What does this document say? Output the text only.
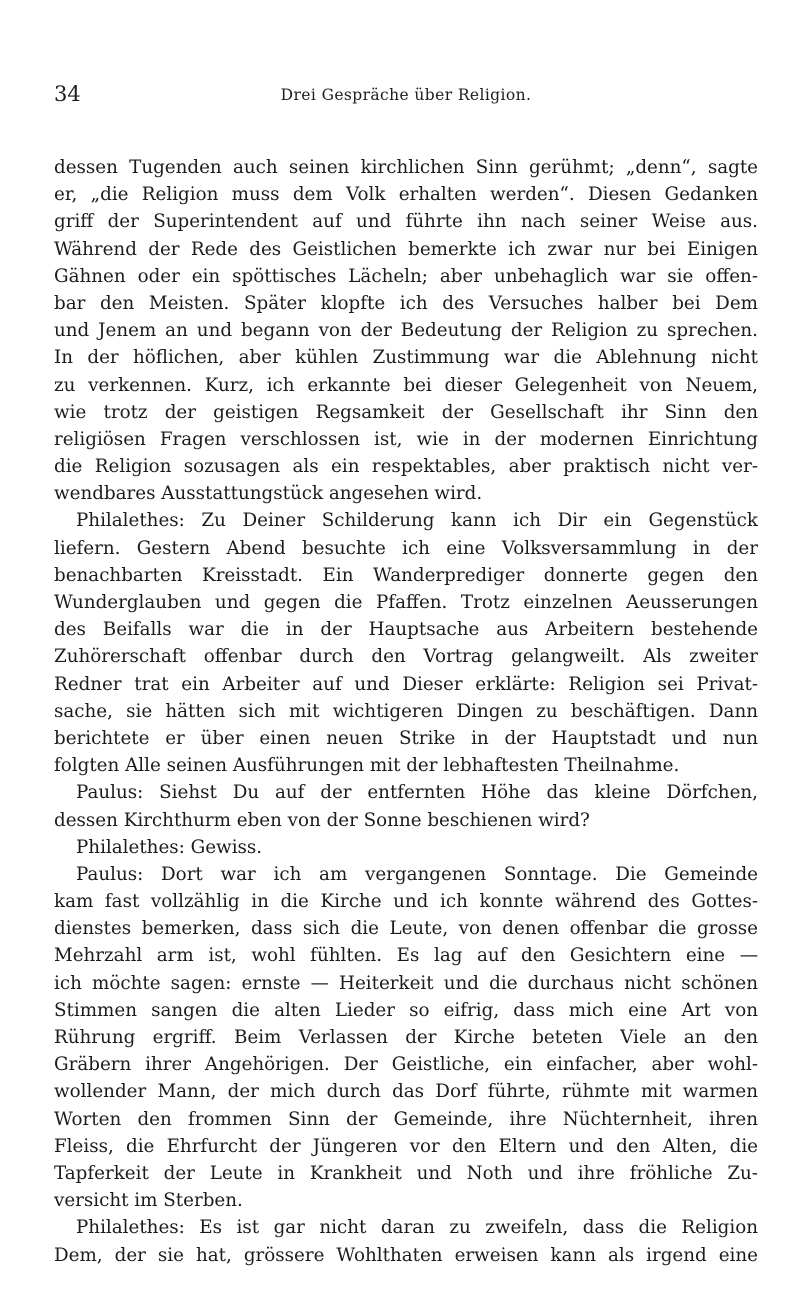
34	Drei Gespräche über Religion.
dessen Tugenden auch seinen kirchlichen Sinn gerühmt; „denn“, sagte
er, „die Religion muss dem Volk erhalten werden“. Diesen Gedanken
griff der Superintendent auf und führte ihn nach seiner Weise aus.
Während der Rede des Geistlichen bemerkte ich zwar nur bei Einigen
Gähnen oder ein spöttisches Lächeln; aber unbehaglich war sie offen-
bar den Meisten. Später klopfte ich des Versuches halber bei Dem
und Jenem an und begann von der Bedeutung der Religion zu sprechen.
In der höflichen, aber kühlen Zustimmung war die Ablehnung nicht
zu verkennen. Kurz, ich erkannte bei dieser Gelegenheit von Neuem,
wie trotz der geistigen Regsamkeit der Gesellschaft ihr Sinn den
religiösen Fragen verschlossen ist, wie in der modernen Einrichtung
die Religion sozusagen als ein respektables, aber praktisch nicht ver-
wendbares Ausstattungstück angesehen wird.
Philalethes: Zu Deiner Schilderung kann ich Dir ein Gegenstück
liefern. Gestern Abend besuchte ich eine Volksversammlung in der
benachbarten Kreisstadt. Ein Wanderprediger donnerte gegen den
Wunderglauben und gegen die Pfaffen. Trotz einzelnen Aeusserungen
des Beifalls war die in der Hauptsache aus Arbeitern bestehende
Zuhörerschaft offenbar durch den Vortrag gelangweilt. Als zweiter
Redner trat ein Arbeiter auf und Dieser erklärte: Religion sei Privat-
sache, sie hätten sich mit wichtigeren Dingen zu beschäftigen. Dann
berichtete er über einen neuen Strike in der Hauptstadt und nun
folgten Alle seinen Ausführungen mit der lebhaftesten Theilnahme.
Paulus: Siehst Du auf der entfernten Höhe das kleine Dörfchen,
dessen Kirchthurm eben von der Sonne beschienen wird?
Philalethes: Gewiss.
Paulus: Dort war ich am vergangenen Sonntage. Die Gemeinde
kam fast vollzählig in die Kirche und ich konnte während des Gottes-
dienstes bemerken, dass sich die Leute, von denen offenbar die grosse
Mehrzahl arm ist, wohl fühlten. Es lag auf den Gesichtern eine —
ich möchte sagen: ernste — Heiterkeit und die durchaus nicht schönen
Stimmen sangen die alten Lieder so eifrig, dass mich eine Art von
Rührung ergriff. Beim Verlassen der Kirche beteten Viele an den
Gräbern ihrer Angehörigen. Der Geistliche, ein einfacher, aber wohl-
wollender Mann, der mich durch das Dorf führte, rühmte mit warmen
Worten den frommen Sinn der Gemeinde, ihre Nüchternheit, ihren
Fleiss, die Ehrfurcht der Jüngeren vor den Eltern und den Alten, die
Tapferkeit der Leute in Krankheit und Noth und ihre fröhliche Zu-
versicht im Sterben.
Philalethes: Es ist gar nicht daran zu zweifeln, dass die Religion
Dem, der sie hat, grössere Wohlthaten erweisen kann als irgend eine
